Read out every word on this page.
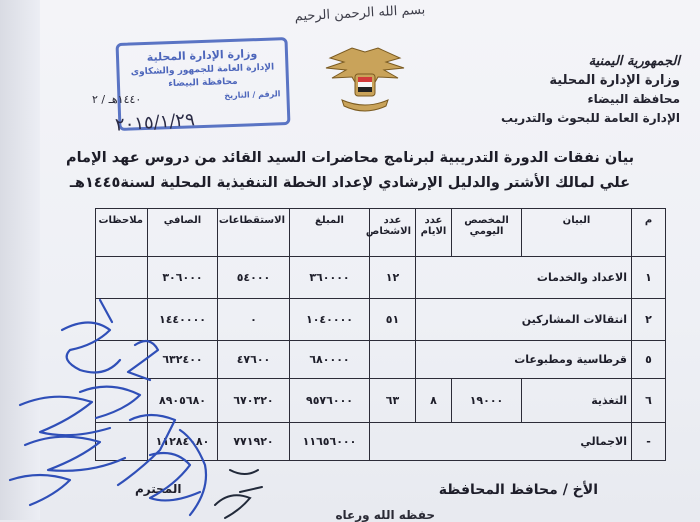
بسم الله الرحمن الرحيم
الجمهورية اليمنية
وزارة الإدارة المحلية
محافظة البيضاء
الإدارة العامة للبحوث والتدريب
وزارة الإدارة المحلية
الإدارة العامة للجمهور والشكاوى
محافظة البيضاء
الرقم / التاريخ
١٤٤٠هـ / ٢
٢٠١٥/١/٢٩
بيان نفقات الدورة التدريبية لبرنامج محاضرات السيد القائد من دروس عهد الإمام
علي لمالك الأشتر والدليل الإرشادي لإعداد الخطة التنفيذية المحلية لسنة١٤٤٥هـ
م	البيان	المخصص اليومي	عدد الايام	عدد الاشخاص	المبلغ	الاستقطاعات	الصافي	ملاحظات
١	الاعداد والخدمات			١٢	٣٦٠٠٠٠	٥٤٠٠٠	٣٠٦٠٠٠	
٢	انتقالات المشاركين			٥١	١٠٤٠٠٠٠	٠	١٤٤٠٠٠٠	
٥	قرطاسية ومطبوعات				٦٨٠٠٠٠	٤٧٦٠٠	٦٣٢٤٠٠	
٦	التغذية	١٩٠٠٠	٨	٦٣	٩٥٧٦٠٠٠	٦٧٠٣٢٠	٨٩٠٥٦٨٠	
-	الاجمالي				١١٦٥٦٠٠٠	٧٧١٩٢٠	١١٢٨٤٠٨٠	
الأخ / محافظ المحافظة
المحترم
حفظه الله ورعاه
